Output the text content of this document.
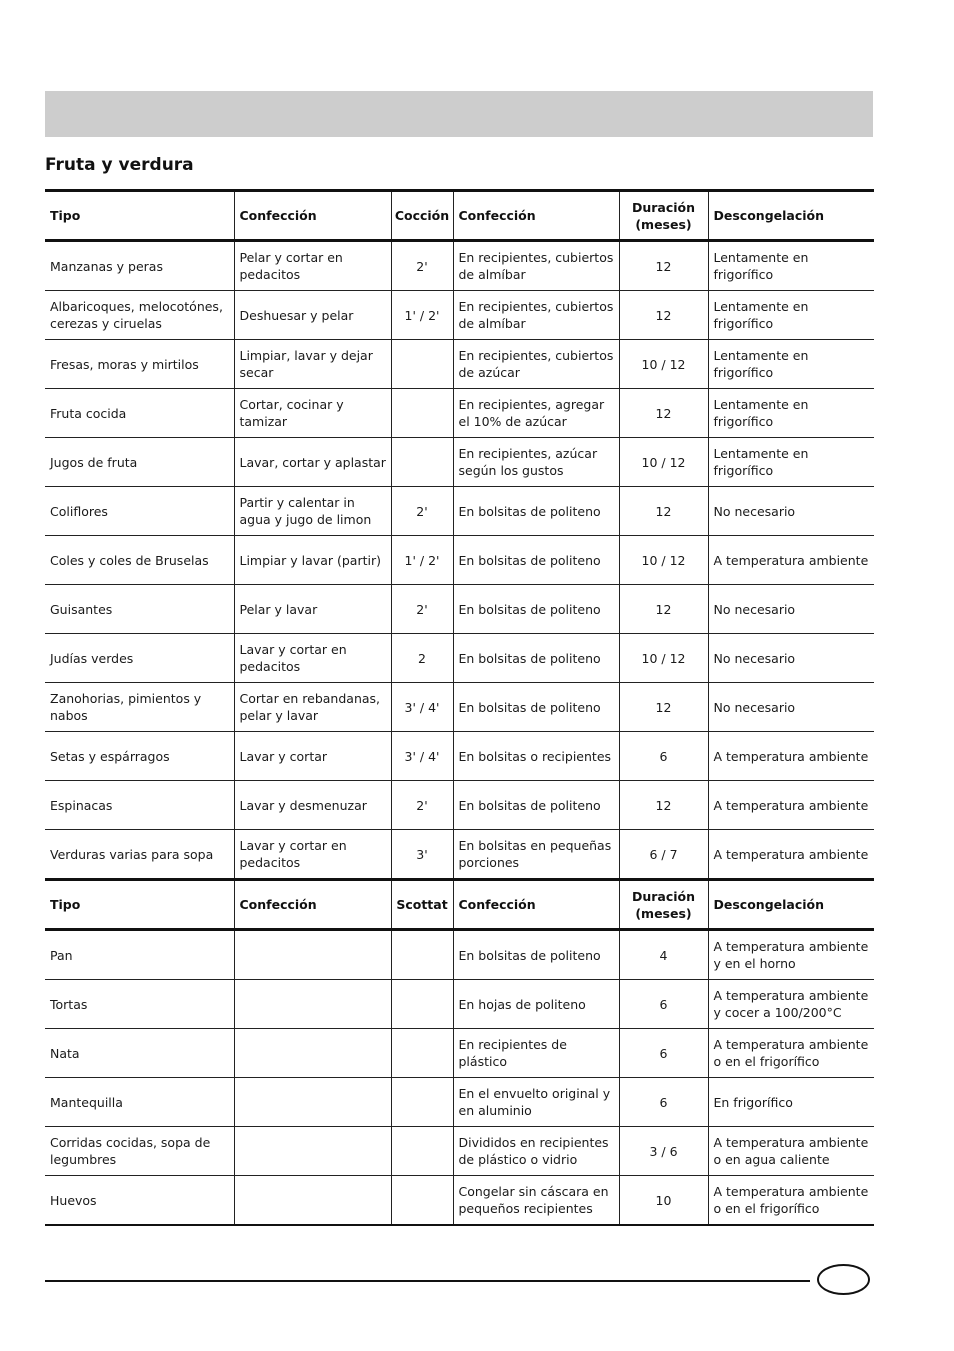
Fruta y verdura
Tipo	Confección	Cocción	Confección	Duración (meses)	Descongelación
Manzanas y peras	Pelar y cortar en pedacitos	2'	En recipientes, cubiertos de almíbar	12	Lentamente en frigorífico
Albaricoques, melocotónes, cerezas y ciruelas	Deshuesar y pelar	1' / 2'	En recipientes, cubiertos de almíbar	12	Lentamente en frigorífico
Fresas, moras y mirtilos	Limpiar, lavar y dejar secar		En recipientes, cubiertos de azúcar	10 / 12	Lentamente en frigorífico
Fruta cocida	Cortar, cocinar y tamizar		En recipientes, agregar el 10% de azúcar	12	Lentamente en frigorífico
Jugos de fruta	Lavar, cortar y aplastar		En recipientes, azúcar según los gustos	10 / 12	Lentamente en frigorífico
Coliflores	Partir y calentar in agua y jugo de limon	2'	En bolsitas de politeno	12	No necesario
Coles y coles de Bruselas	Limpiar y lavar (partir)	1' / 2'	En bolsitas de politeno	10 / 12	A temperatura ambiente
Guisantes	Pelar y lavar	2'	En bolsitas de politeno	12	No necesario
Judías verdes	Lavar y cortar en pedacitos	2	En bolsitas de politeno	10 / 12	No necesario
Zanohorias, pimientos y nabos	Cortar en rebandanas, pelar y lavar	3' / 4'	En bolsitas de politeno	12	No necesario
Setas y espárragos	Lavar y cortar	3' / 4'	En bolsitas o recipientes	6	A temperatura ambiente
Espinacas	Lavar y desmenuzar	2'	En bolsitas de politeno	12	A temperatura ambiente
Verduras varias para sopa	Lavar y cortar en pedacitos	3'	En bolsitas en pequeñas porciones	6 / 7	A temperatura ambiente
Tipo	Confección	Scottat	Confección	Duración (meses)	Descongelación
Pan			En bolsitas de politeno	4	A temperatura ambiente y en el horno
Tortas			En hojas de politeno	6	A temperatura ambiente y cocer a 100/200°C
Nata			En recipientes de plástico	6	A temperatura ambiente o en el frigorífico
Mantequilla			En el envuelto original y en aluminio	6	En frigorífico
Corridas cocidas, sopa de legumbres			Divididos en recipientes de plástico o vidrio	3 / 6	A temperatura ambiente o en agua caliente
Huevos			Congelar sin cáscara en pequeños recipientes	10	A temperatura ambiente o en el frigorífico
